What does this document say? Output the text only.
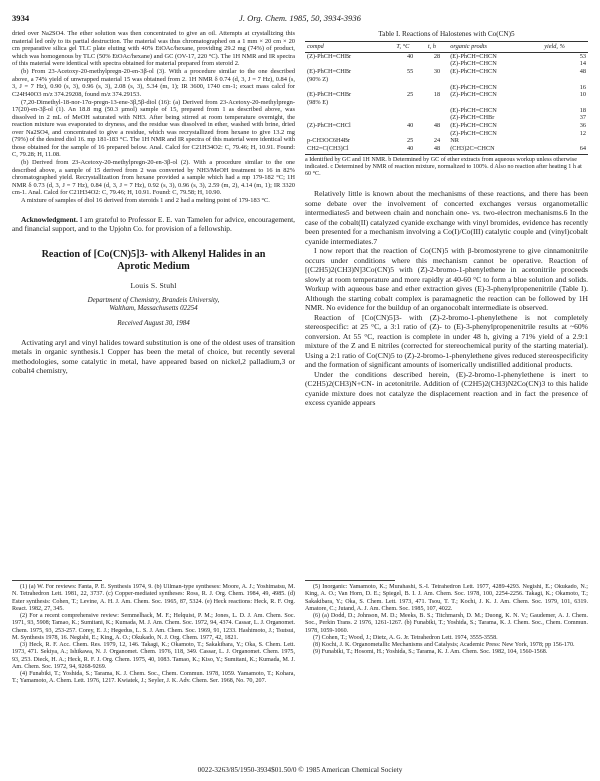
3934	J. Org. Chem. 1985, 50, 3934-3936

dried over Na2SO4. The ether solution was then concentrated to give an oil. Attempts at crystallizing this material led only to its partial destruction. The material was thus chromatographed on a 1 mm × 20 cm × 20 cm preparative silica gel TLC plate eluting with 40% EtOAc/hexane, providing 29.2 mg (74%) of product, which was homogenous by TLC (50% EtOAc/hexane) and GC (OV-17, 220 °C). The 1H NMR and IR spectra of this material were identical with spectra obtained for material prepared from steroid 2.

(b) From 23-Acetoxy-20-methylpregn-20-en-3β-ol (3). With a procedure similar to the one described above, a 74% yield of unwrapped material 15 was obtained from 2. 1H NMR δ 0.74 (d, 3, J = 7 Hz), 0.84 (s, 3, J = 7 Hz), 0.90 (s, 3), 0.96 (s, 3), 2.08 (s, 3), 5.34 (m, 1); IR 3600, 1740 cm-1; exact mass calcd for C24H40O3 m/z 374.29208, found m/z 374.29153.

(7,20-Dimethyl-18-nor-17α-pregn-13-ene-3β,5β-diol (16): (a) Derived from 23-Acetoxy-20-methylpregn-17(20)-en-3β-ol (1). An 18.8 mg (50.3 µmol) sample of 15, prepared from 1 as described above, was dissolved in 2 mL of MeOH saturated with NH3. After being stirred at room temperature overnight, the reaction mixture was evaporated to dryness, and the residue was dissolved in ether, washed with brine, dried over Na2SO4, and concentrated to give a residue, which was recrystallized from hexane to give 13.2 mg (79%) of the desired diol 16. mp 181-183 °C. The 1H NMR and IR spectra of this material were identical with those obtained for the sample of 16 prepared below. Anal. Calcd for C21H34O2: C, 79.46; H, 10.91. Found: C, 79.28; H, 11.08.

(b) Derived from 23-Acetoxy-20-methylpregn-20-en-3β-ol (2). With a procedure similar to the one described above, a sample of 15 derived from 2 was converted by NH3/MeOH treatment to 16 in 82% chromatographed yield. Recrystallization from hexane provided a sample which had a mp 179-182 °C; 1H NMR δ 0.73 (d, 3, J = 7 Hz), 0.84 (d, 3, J = 7 Hz), 0.92 (s, 3), 0.96 (s, 3), 2.59 (m, 2), 4.14 (m, 1); IR 3320 cm-1. Anal. Calcd for C21H34O2: C, 79.46; H, 10.91. Found: C, 79.58; H, 10.90.

A mixture of samples of diol 16 derived from steroids 1 and 2 had a melting point of 179-183 °C.

Acknowledgment. I am grateful to Professor E. E. van Tamelen for advice, encouragement, and financial support, and to the Upjohn Co. for provision of a fellowship.

Reaction of [Co(CN)5]3- with Alkenyl Halides in an Aprotic Medium
Louis S. Stuhl
Department of Chemistry, Brandeis University,
Waltham, Massachusetts 02254
Received August 30, 1984

Activating aryl and vinyl halides toward substitution is one of the oldest uses of transition metals in organic synthesis.1 Copper has been the metal of choice, but recently several methodologies, some catalytic in metal, have appeared based on nickel,2 palladium,3 or cobalt4 chemistry,

Table I. Reactions of Halostenes with Co(CN)5
compd	T, °C	t, h	organic prodts	yield, %
(Z)-PhCH=CHBr	40	28	(E)-PhCH=CHCN	53
			(Z)-PhCH=CHCN	14
(E)-PhCH=CHBr	55	30	(E)-PhCH=CHCN	48
(90% Z)				
			(E)-PhCH=CHCN	16
(E)-PhCH=CHBr	25	18	(Z)-PhCH=CHCN	10
(98% E)				
			(E)-PhCH=CHCN	18
			(Z)-PhCH=CHBr	37
(Z)-PhCH=CHCl	40	48	(E)-PhCH=CHCN	36
			(Z)-PhCH=CHCN	12
p-CH3OC6H4Br	25	24	NR	
CH2=C(CH3)Cl	40	48	(CH3)2C=CHCN	64
a Identified by GC and 1H NMR. b Determined by GC of ether extracts from aqueous workup unless otherwise indicated. c Determined by NMR of reaction mixture, normalized to 100%. d Also no reaction after heating 1 h at 60 °C.

Relatively little is known about the mechanisms of these reactions, and there has been some debate over the involvement of concerted exchanges versus organometallic intermediates5 and between chain and nonchain one- vs. two-electron mechanisms.6 In the case of the cobalt(II) catalyzed cyanide exchange with vinyl bromides, evidence has recently been presented for a mechanism involving a Co(I)/Co(III) catalytic couple and (vinyl)cobalt cyanide intermediates.7

I now report that the reaction of Co(CN)5 with β-bromostyrene to give cinnamonitrile occurs under conditions where this mechanism cannot be operative. Reaction of [(C2H5)2(CH3)N]3Co(CN)5 with (Z)-2-bromo-1-phenylethene in acetonitrile proceeds slowly at room temperature and more rapidly at 40-60 °C to form a blue solution and solids. Workup with aqueous base and ether extraction gives (E)-3-phenylpropenenitrile (Table I). Although the starting cobalt complex is paramagnetic the reaction can be followed by 1H NMR. No evidence for the buildup of an organocobalt intermediate is observed.

Reaction of [Co(CN)5]3- with (Z)-2-bromo-1-phenylethene is not completely stereospecific: at 25 °C, a 3:1 ratio of (Z)- to (E)-3-phenylpropenenitrile results at ~60% conversion. At 55 °C, reaction is complete in under 48 h, giving a 71% yield of a 2.9:1 mixture of the Z and E nitriles (corrected for stereochemical purity of the starting material). Using a 2:1 ratio of Co(CN)5 to (Z)-2-bromo-1-phenylethene gives reduced stereospecificity and the formation of significant amounts of isomerically undistilled additional products.

Under the conditions described herein, (E)-2-bromo-1-phenylethene is inert to (C2H5)2(CH3)N+CN- in acetonitrile. Addition of (C2H5)2(CH3)N2Co(CN)3 to this halide cyanide mixture does not catalyze the displacement reaction and in fact the presence of excess cyanide appears

(1) (a) W. For reviews: Fanta, P. E. Synthesis 1974, 9. (b) Ullman-type syntheses: Moore, A. J.; Yoshimatsu, M. N. Tetrahedron Lett. 1981, 22, 3737. (c) Copper-mediated syntheses: Ross, R. J. Org. Chem. 1984, 49, 4985. (d) Ester synthesis: Cohen, T.; Levine, A. H. J. Am. Chem. Soc. 1965, 87, 5324. (e) Heck reactions: Heck, R. F. Org. React. 1982, 27, 345.
(2) For a recent comprehensive review: Semmelhack, M. F.; Helquist, P. M.; Jones, L. D. J. Am. Chem. Soc. 1971, 93, 5908; Tamao, K.; Sumitani, K.; Kumada, M. J. Am. Chem. Soc. 1972, 94, 4374. Cassar, L. J. Organomet. Chem. 1975, 93, 253-257. Corey, E. J.; Hegedus, L. S. J. Am. Chem. Soc. 1969, 91, 1233. Hashimoto, J.; Tsutsui, M. Synthesis 1978, 16. Negishi, E.; King, A. O.; Okukado, N. J. Org. Chem. 1977, 42, 1821.
(3) Heck, R. F. Acc. Chem. Res. 1979, 12, 146. Takagi, K.; Okamoto, T.; Sakakibara, Y.; Oka, S. Chem. Lett. 1973, 471. Sekiya, A.; Ishikawa, N. J. Organomet. Chem. 1976, 118, 349. Cassar, L. J. Organomet. Chem. 1975, 93, 253. Dieck, H. A.; Heck, R. F. J. Org. Chem. 1975, 40, 1083. Tamao, K.; Kiso, Y.; Sumitani, K.; Kumada, M. J. Am. Chem. Soc. 1972, 94, 9268-9269.
(4) Funabiki, T.; Yoshida, S.; Tarama, K. J. Chem. Soc., Chem. Commun. 1978, 1059. Yamamoto, T.; Kohara, T.; Yamamoto, A. Chem. Lett. 1976, 1217. Kwiatek, J.; Seyler, J. K. Adv. Chem. Ser. 1968, No. 70, 207.
(5) Inorganic: Yamamoto, K.; Murahashi, S.-I. Tetrahedron Lett. 1977, 4289-4293. Negishi, E.; Okukado, N.; King, A. O.; Van Horn, D. E.; Spiegel, B. I. J. Am. Chem. Soc. 1978, 100, 2254-2256. Takagi, K.; Okamoto, T.; Sakakibara, Y.; Oka, S. Chem. Lett. 1973, 471. Tsou, T. T.; Kochi, J. K. J. Am. Chem. Soc. 1979, 101, 6319. Amatore, C.; Jutand, A. J. Am. Chem. Soc. 1985, 107, 4022.
(6) (a) Dodd, D.; Johnson, M. D.; Meeks, B. S.; Titchmarsh, D. M.; Duong, K. N. V.; Gaudemer, A. J. Chem. Soc., Perkin Trans. 2 1976, 1261-1267. (b) Funabiki, T.; Yoshida, S.; Tarama, K. J. Chem. Soc., Chem. Commun. 1978, 1059-1060.
(7) Cohen, T.; Wood, J.; Dietz, A. G. Jr. Tetrahedron Lett. 1974, 3555-3558.
(8) Kochi, J. K. Organometallic Mechanisms and Catalysis; Academic Press: New York, 1978; pp 156-170.
(9) Funabiki, T.; Hosomi, H.; Yoshida, S.; Tarama, K. J. Am. Chem. Soc. 1982, 104, 1560-1568.
0022-3263/85/1950-3934$01.50/0 © 1985 American Chemical Society
